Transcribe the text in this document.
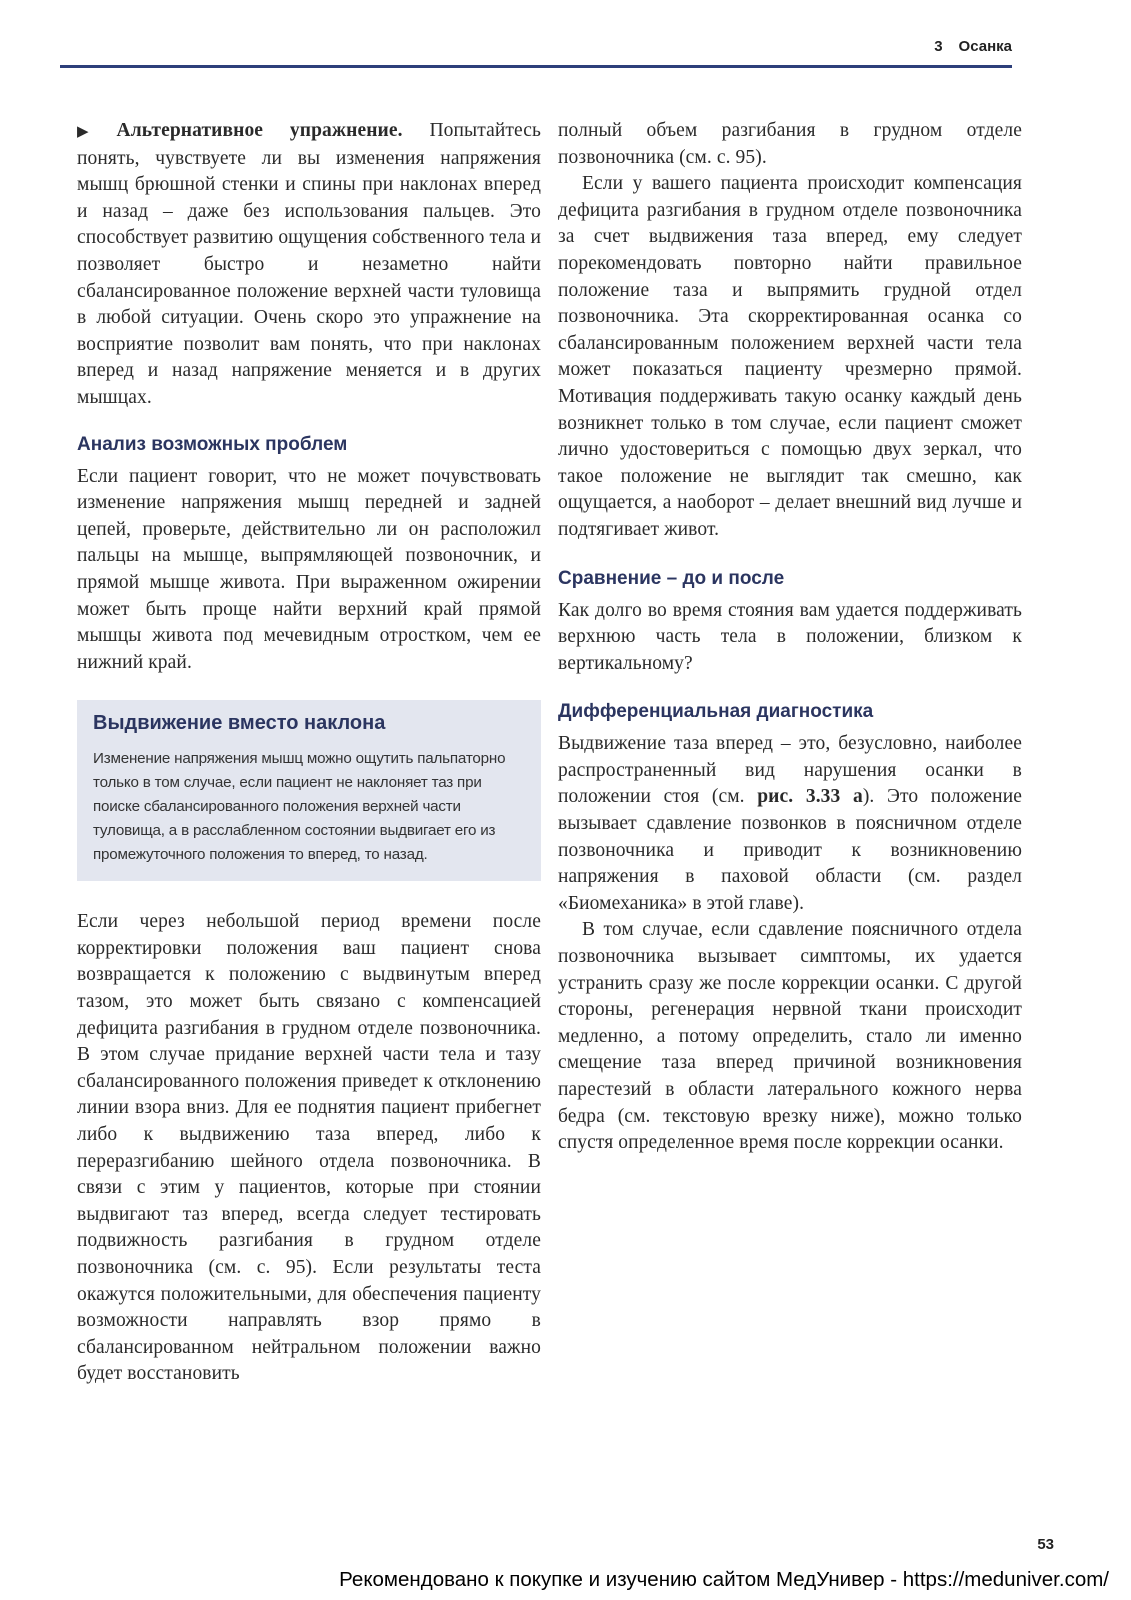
3 Осанка

▶ Альтернативное упражнение. Попытайтесь понять, чувствуете ли вы изменения напряжения мышц брюшной стенки и спины при наклонах вперед и назад – даже без использования пальцев. Это способствует развитию ощущения собственного тела и позволяет быстро и незаметно найти сбалансированное положение верхней части туловища в любой ситуации. Очень скоро это упражнение на восприятие позволит вам понять, что при наклонах вперед и назад напряжение меняется и в других мышцах.

Анализ возможных проблем

Если пациент говорит, что не может почувствовать изменение напряжения мышц передней и задней цепей, проверьте, действительно ли он расположил пальцы на мышце, выпрямляющей позвоночник, и прямой мышце живота. При выраженном ожирении может быть проще найти верхний край прямой мышцы живота под мечевидным отростком, чем ее нижний край.

Выдвижение вместо наклона

Изменение напряжения мышц можно ощутить пальпаторно только в том случае, если пациент не наклоняет таз при поиске сбалансированного положения верхней части туловища, а в расслабленном состоянии выдвигает его из промежуточного положения то вперед, то назад.

Если через небольшой период времени после корректировки положения ваш пациент снова возвращается к положению с выдвинутым вперед тазом, это может быть связано с компенсацией дефицита разгибания в грудном отделе позвоночника. В этом случае придание верхней части тела и тазу сбалансированного положения приведет к отклонению линии взора вниз. Для ее поднятия пациент прибегнет либо к выдвижению таза вперед, либо к переразгибанию шейного отдела позвоночника. В связи с этим у пациентов, которые при стоянии выдвигают таз вперед, всегда следует тестировать подвижность разгибания в грудном отделе позвоночника (см. с. 95). Если результаты теста окажутся положительными, для обеспечения пациенту возможности направлять взор прямо в сбалансированном нейтральном положении важно будет восстановить

полный объем разгибания в грудном отделе позвоночника (см. с. 95).

Если у вашего пациента происходит компенсация дефицита разгибания в грудном отделе позвоночника за счет выдвижения таза вперед, ему следует порекомендовать повторно найти правильное положение таза и выпрямить грудной отдел позвоночника. Эта скорректированная осанка со сбалансированным положением верхней части тела может показаться пациенту чрезмерно прямой. Мотивация поддерживать такую осанку каждый день возникнет только в том случае, если пациент сможет лично удостовериться с помощью двух зеркал, что такое положение не выглядит так смешно, как ощущается, а наоборот – делает внешний вид лучше и подтягивает живот.

Сравнение – до и после

Как долго во время стояния вам удается поддерживать верхнюю часть тела в положении, близком к вертикальному?

Дифференциальная диагностика

Выдвижение таза вперед – это, безусловно, наиболее распространенный вид нарушения осанки в положении стоя (см. рис. 3.33 а). Это положение вызывает сдавление позвонков в поясничном отделе позвоночника и приводит к возникновению напряжения в паховой области (см. раздел «Биомеханика» в этой главе).

В том случае, если сдавление поясничного отдела позвоночника вызывает симптомы, их удается устранить сразу же после коррекции осанки. С другой стороны, регенерация нервной ткани происходит медленно, а потому определить, стало ли именно смещение таза вперед причиной возникновения парестезий в области латерального кожного нерва бедра (см. текстовую врезку ниже), можно только спустя определенное время после коррекции осанки.

53
Рекомендовано к покупке и изучению сайтом МедУнивер - https://meduniver.com/
